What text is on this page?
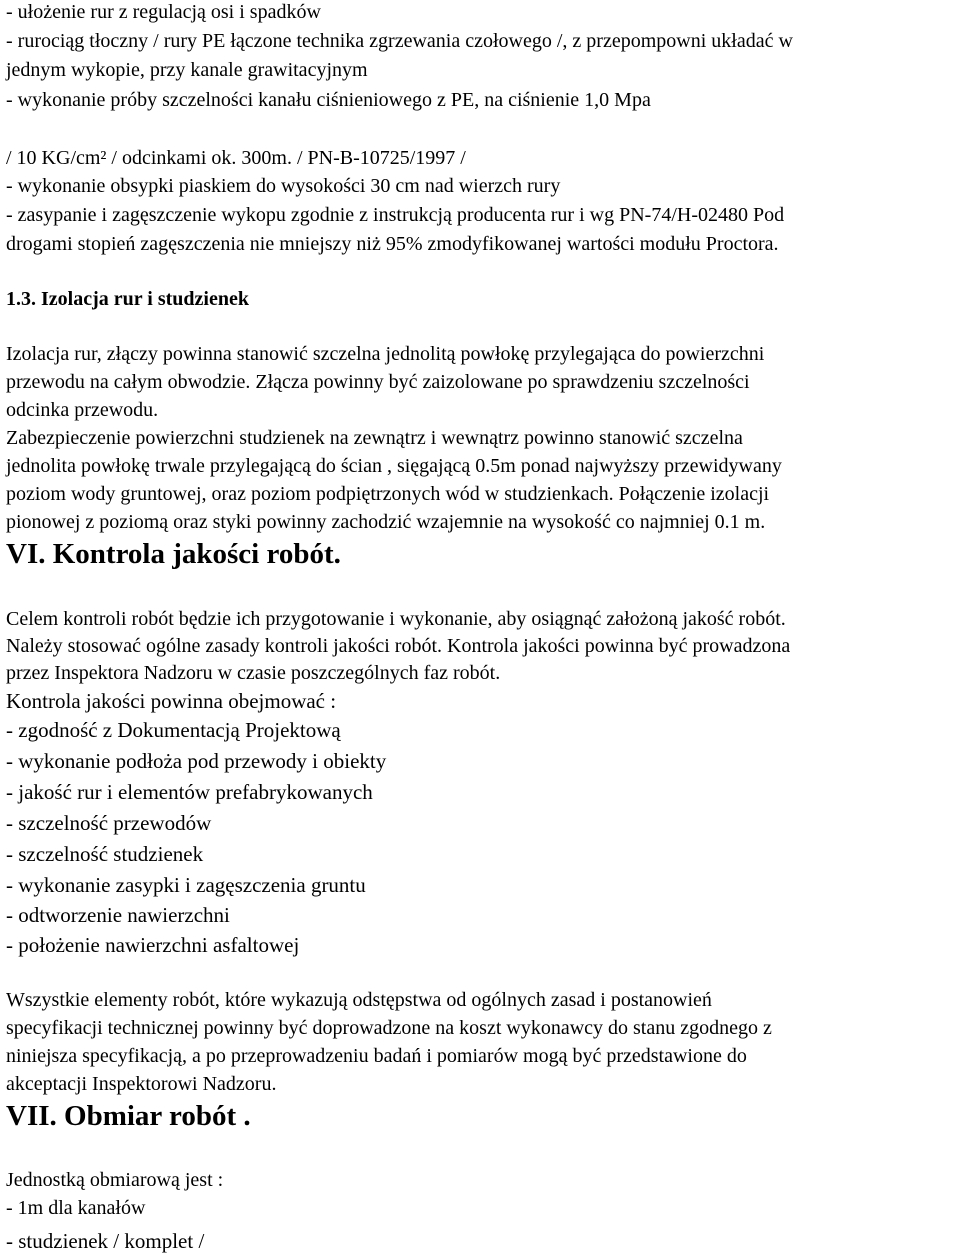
- ułożenie rur z regulacją osi i spadków
- rurociąg tłoczny / rury PE łączone technika zgrzewania czołowego /, z przepompowni układać w
jednym wykopie, przy kanale grawitacyjnym
- wykonanie próby szczelności kanału ciśnieniowego z PE, na ciśnienie 1,0 Mpa
/ 10 KG/cm² / odcinkami ok. 300m. / PN-B-10725/1997 /
- wykonanie obsypki piaskiem do wysokości 30 cm nad wierzch rury
- zasypanie i zagęszczenie wykopu zgodnie z instrukcją producenta rur i wg PN-74/H-02480 Pod
drogami stopień zagęszczenia nie mniejszy niż 95% zmodyfikowanej wartości modułu Proctora.
1.3. Izolacja rur i studzienek
Izolacja rur, złączy powinna stanowić szczelna jednolitą powłokę przylegająca do powierzchni
przewodu na całym obwodzie. Złącza powinny być zaizolowane po sprawdzeniu szczelności
odcinka przewodu.
Zabezpieczenie powierzchni studzienek na zewnątrz i wewnątrz powinno stanowić szczelna
jednolita powłokę trwale przylegającą do ścian , sięgającą 0.5m ponad najwyższy przewidywany
poziom wody gruntowej, oraz poziom podpiętrzonych wód w studzienkach. Połączenie izolacji
pionowej z poziomą oraz styki powinny zachodzić wzajemnie na wysokość co najmniej 0.1 m.
VI. Kontrola jakości robót.
Celem kontroli robót będzie ich przygotowanie i wykonanie, aby osiągnąć założoną jakość robót.
Należy stosować ogólne zasady kontroli jakości robót. Kontrola jakości powinna być prowadzona
przez Inspektora Nadzoru w czasie poszczególnych faz robót.
Kontrola jakości powinna obejmować :
- zgodność z Dokumentacją Projektową
- wykonanie podłoża pod przewody i obiekty
- jakość rur i elementów prefabrykowanych
- szczelność przewodów
- szczelność studzienek
- wykonanie zasypki i zagęszczenia gruntu
- odtworzenie nawierzchni
- położenie nawierzchni asfaltowej
Wszystkie elementy robót, które wykazują odstępstwa od ogólnych zasad i postanowień
specyfikacji technicznej powinny być doprowadzone na koszt wykonawcy do stanu zgodnego z
niniejsza specyfikacją, a po przeprowadzeniu badań i pomiarów mogą być przedstawione do
akceptacji Inspektorowi Nadzoru.
VII. Obmiar robót .
Jednostką obmiarową jest :
- 1m dla kanałów
- studzienek / komplet /
